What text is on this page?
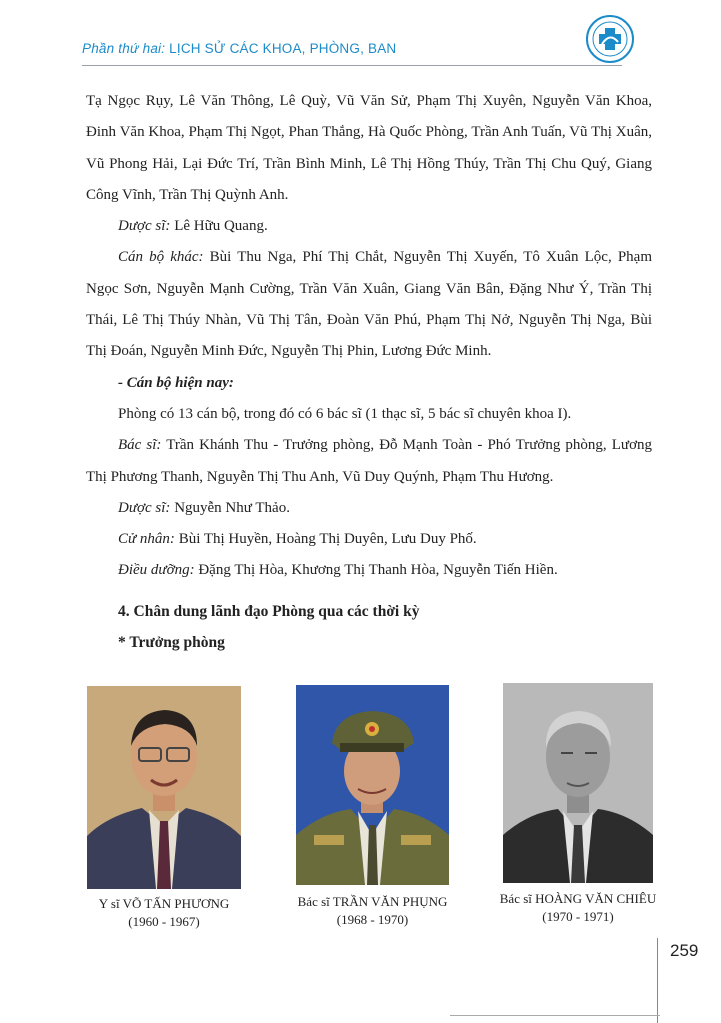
Phần thứ hai: LỊCH SỬ CÁC KHOA, PHÒNG, BAN

Tạ Ngọc Rụy, Lê Văn Thông, Lê Quỳ, Vũ Văn Sử, Phạm Thị Xuyên, Nguyễn Văn Khoa, Đinh Văn Khoa, Phạm Thị Ngọt, Phan Thắng, Hà Quốc Phòng, Trần Anh Tuấn, Vũ Thị Xuân, Vũ Phong Hải, Lại Đức Trí, Trần Bình Minh, Lê Thị Hồng Thúy, Trần Thị Chu Quý, Giang Công Vĩnh, Trần Thị Quỳnh Anh.

Dược sĩ: Lê Hữu Quang.

Cán bộ khác: Bùi Thu Nga, Phí Thị Chắt, Nguyễn Thị Xuyến, Tô Xuân Lộc, Phạm Ngọc Sơn, Nguyễn Mạnh Cường, Trần Văn Xuân, Giang Văn Bân, Đặng Như Ý, Trần Thị Thái, Lê Thị Thúy Nhàn, Vũ Thị Tân, Đoàn Văn Phú, Phạm Thị Nở, Nguyễn Thị Nga, Bùi Thị Đoán, Nguyễn Minh Đức, Nguyễn Thị Phin, Lương Đức Minh.

- Cán bộ hiện nay:

Phòng có 13 cán bộ, trong đó có 6 bác sĩ (1 thạc sĩ, 5 bác sĩ chuyên khoa I).

Bác sĩ: Trần Khánh Thu - Trưởng phòng, Đỗ Mạnh Toàn - Phó Trưởng phòng, Lương Thị Phương Thanh, Nguyễn Thị Thu Anh, Vũ Duy Quýnh, Phạm Thu Hương.

Dược sĩ: Nguyễn Như Thảo.

Cử nhân: Bùi Thị Huyền, Hoàng Thị Duyên, Lưu Duy Phố.

Điều dưỡng: Đặng Thị Hòa, Khương Thị Thanh Hòa, Nguyễn Tiến Hiền.

4. Chân dung lãnh đạo Phòng qua các thời kỳ

* Trưởng phòng

Y sĩ VÕ TẤN PHƯƠNG
(1960 - 1967)
Bác sĩ TRẦN VĂN PHỤNG
(1968 - 1970)
Bác sĩ HOÀNG VĂN CHIÊU
(1970 - 1971)
259
